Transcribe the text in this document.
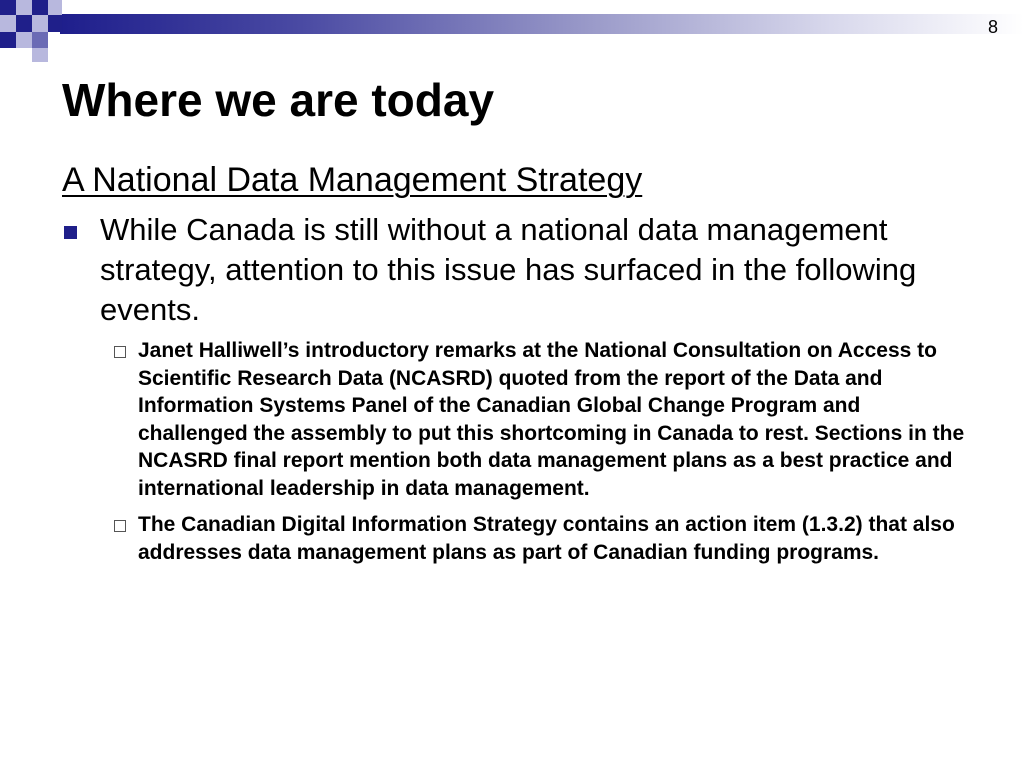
8
Where we are today
A National Data Management Strategy
While Canada is still without a national data management strategy, attention to this issue has surfaced in the following events.
Janet Halliwell’s introductory remarks at the National Consultation on Access to Scientific Research Data (NCASRD) quoted from the report of the Data and Information Systems Panel of the Canadian Global Change Program and challenged the assembly to put this shortcoming in Canada to rest. Sections in the NCASRD final report mention both data management plans as a best practice and international leadership in data management.
The Canadian Digital Information Strategy contains an action item (1.3.2) that also addresses data management plans as part of Canadian funding programs.
